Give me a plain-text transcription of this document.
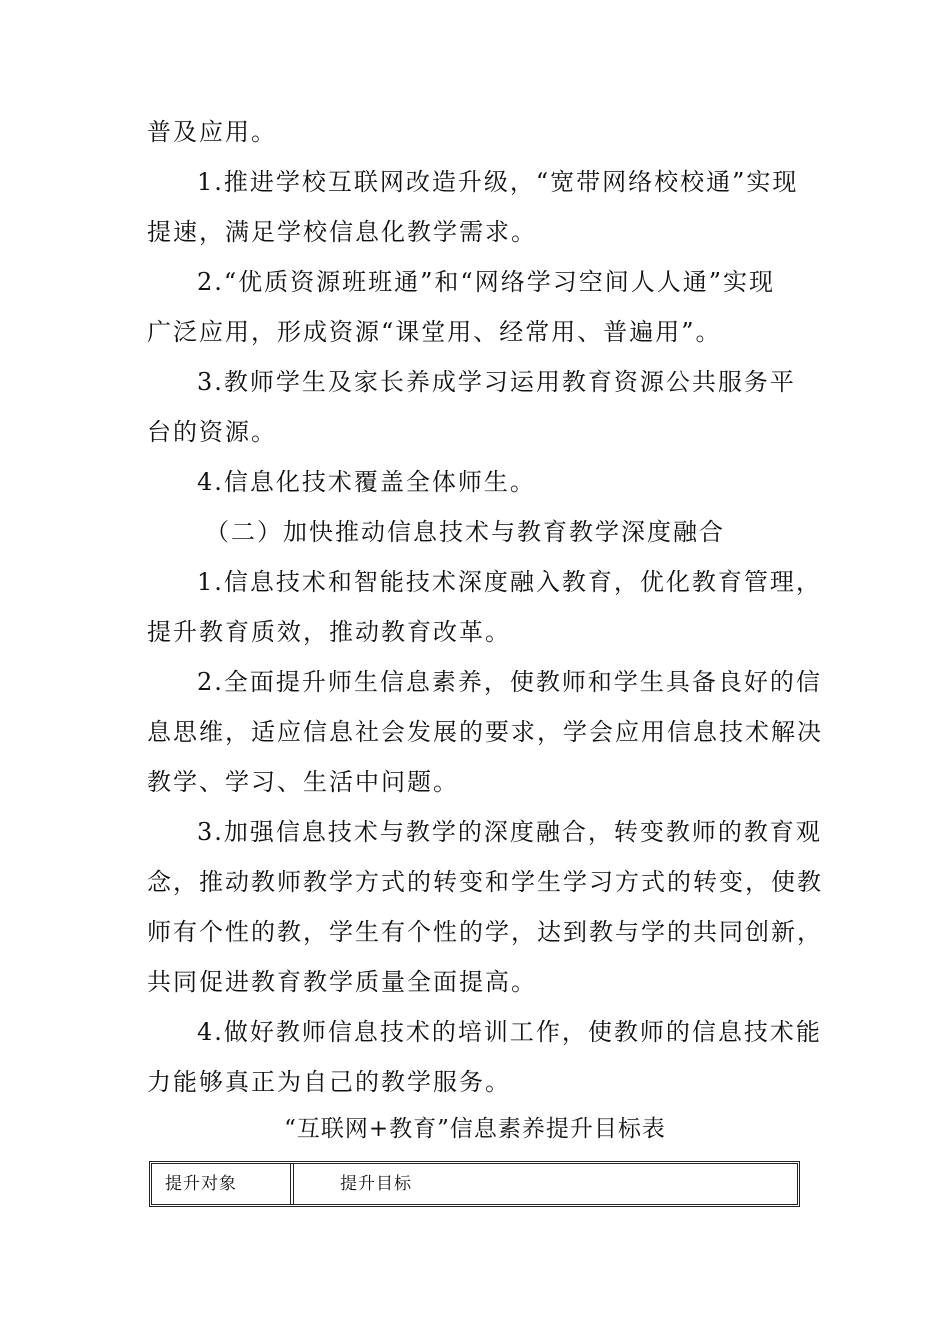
普及应用。

1.推进学校互联网改造升级，“宽带网络校校通”实现

提速，满足学校信息化教学需求。

2.“优质资源班班通”和“网络学习空间人人通”实现

广泛应用，形成资源“课堂用、经常用、普遍用”。

3.教师学生及家长养成学习运用教育资源公共服务平

台的资源。

4.信息化技术覆盖全体师生。

（二）加快推动信息技术与教育教学深度融合

1.信息技术和智能技术深度融入教育，优化教育管理，

提升教育质效，推动教育改革。

2.全面提升师生信息素养，使教师和学生具备良好的信

息思维，适应信息社会发展的要求，学会应用信息技术解决

教学、学习、生活中问题。

3.加强信息技术与教学的深度融合，转变教师的教育观

念，推动教师教学方式的转变和学生学习方式的转变，使教

师有个性的教，学生有个性的学，达到教与学的共同创新，

共同促进教育教学质量全面提高。

4.做好教师信息技术的培训工作，使教师的信息技术能

力能够真正为自己的教学服务。

“互联网+教育”信息素养提升目标表

提升对象	提升目标
